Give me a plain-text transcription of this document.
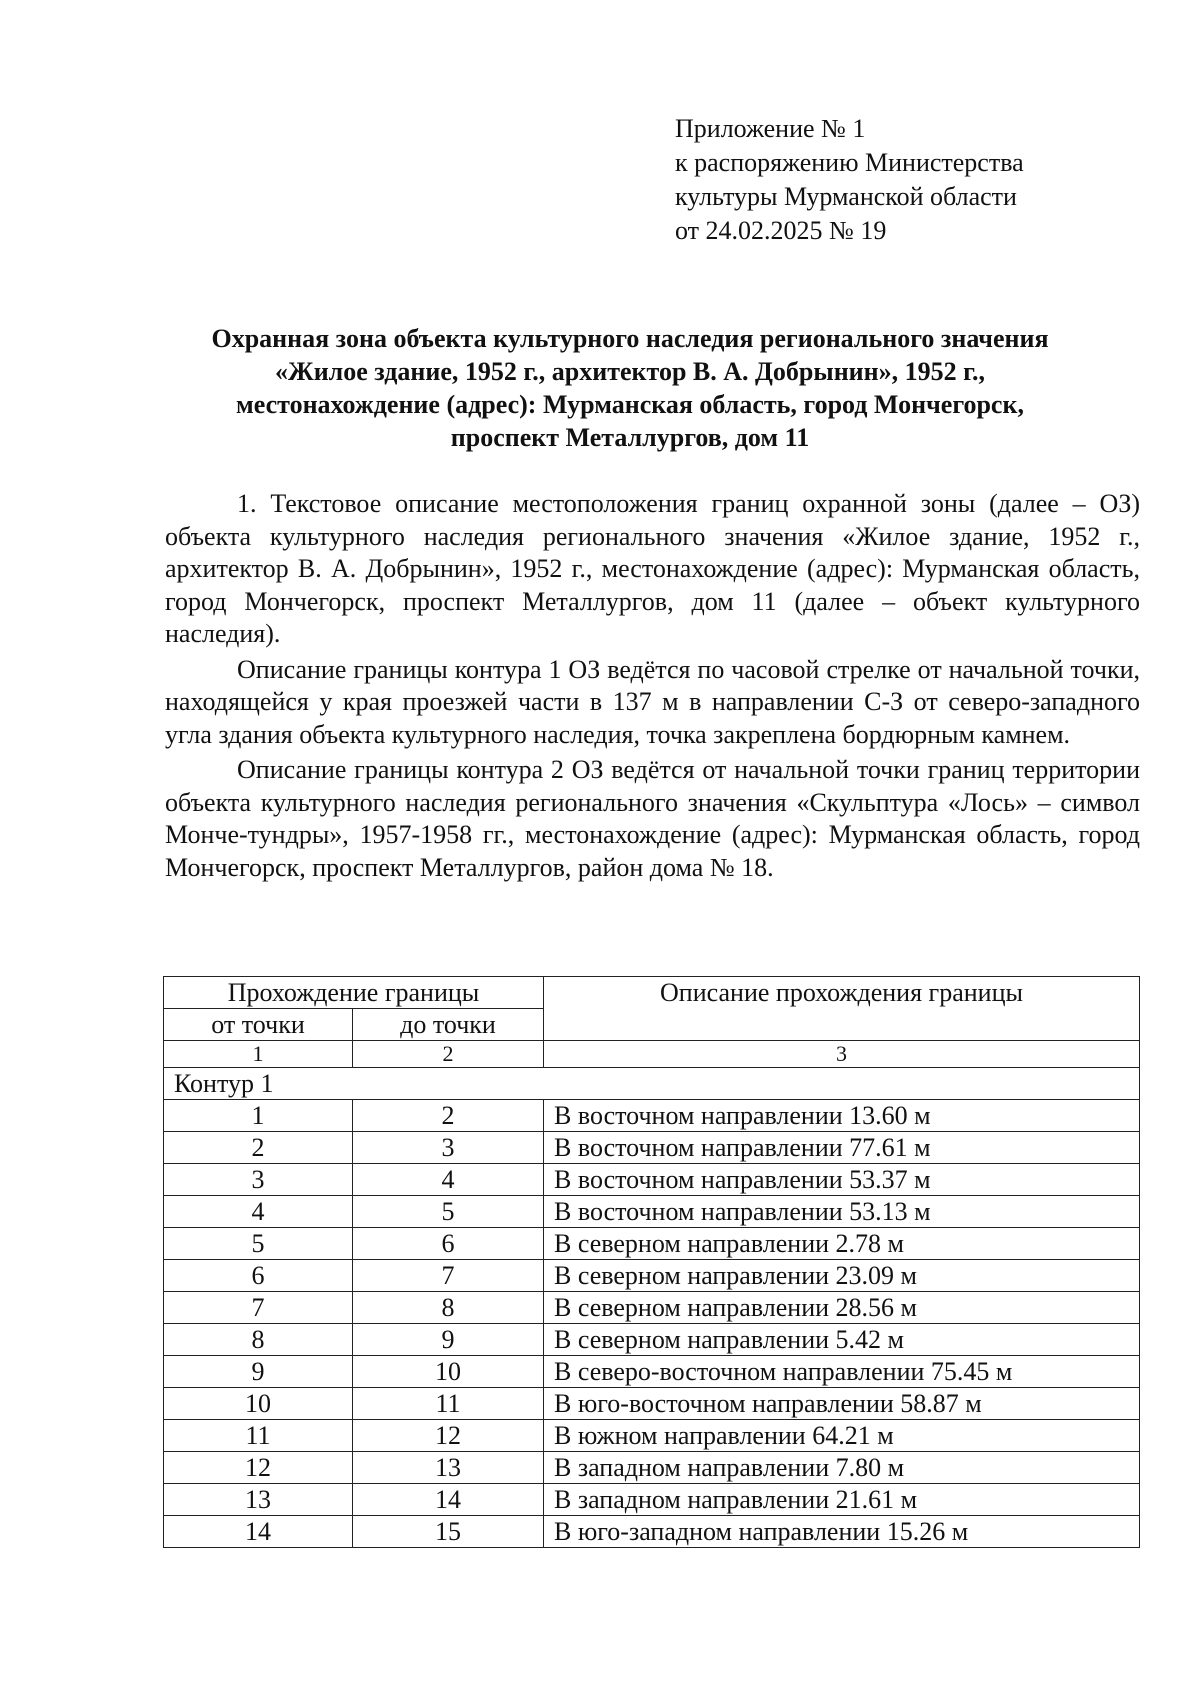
Приложение № 1
к распоряжению Министерства
культуры Мурманской области
от 24.02.2025 № 19
Охранная зона объекта культурного наследия регионального значения
«Жилое здание, 1952 г., архитектор В. А. Добрынин», 1952 г.,
местонахождение (адрес): Мурманская область, город Мончегорск,
проспект Металлургов, дом 11

1. Текстовое описание местоположения границ охранной зоны (далее – ОЗ) объекта культурного наследия регионального значения «Жилое здание, 1952 г., архитектор В. А. Добрынин», 1952 г., местонахождение (адрес): Мурманская область, город Мончегорск, проспект Металлургов, дом 11 (далее – объект культурного наследия).

Описание границы контура 1 ОЗ ведётся по часовой стрелке от начальной точки, находящейся у края проезжей части в 137 м в направлении С-З от северо-западного угла здания объекта культурного наследия, точка закреплена бордюрным камнем.

Описание границы контура 2 ОЗ ведётся от начальной точки границ территории объекта культурного наследия регионального значения «Скульптура «Лось» – символ Монче-тундры», 1957-1958 гг., местонахождение (адрес): Мурманская область, город Мончегорск, проспект Металлургов, район дома № 18.

Прохождение границы		Описание прохождения границы
от точки	до точки	
1	2	3
Контур 1		
1	2	В восточном направлении 13.60 м
2	3	В восточном направлении 77.61 м
3	4	В восточном направлении 53.37 м
4	5	В восточном направлении 53.13 м
5	6	В северном направлении 2.78 м
6	7	В северном направлении 23.09 м
7	8	В северном направлении 28.56 м
8	9	В северном направлении 5.42 м
9	10	В северо-восточном направлении 75.45 м
10	11	В юго-восточном направлении 58.87 м
11	12	В южном направлении 64.21 м
12	13	В западном направлении 7.80 м
13	14	В западном направлении 21.61 м
14	15	В юго-западном направлении 15.26 м
